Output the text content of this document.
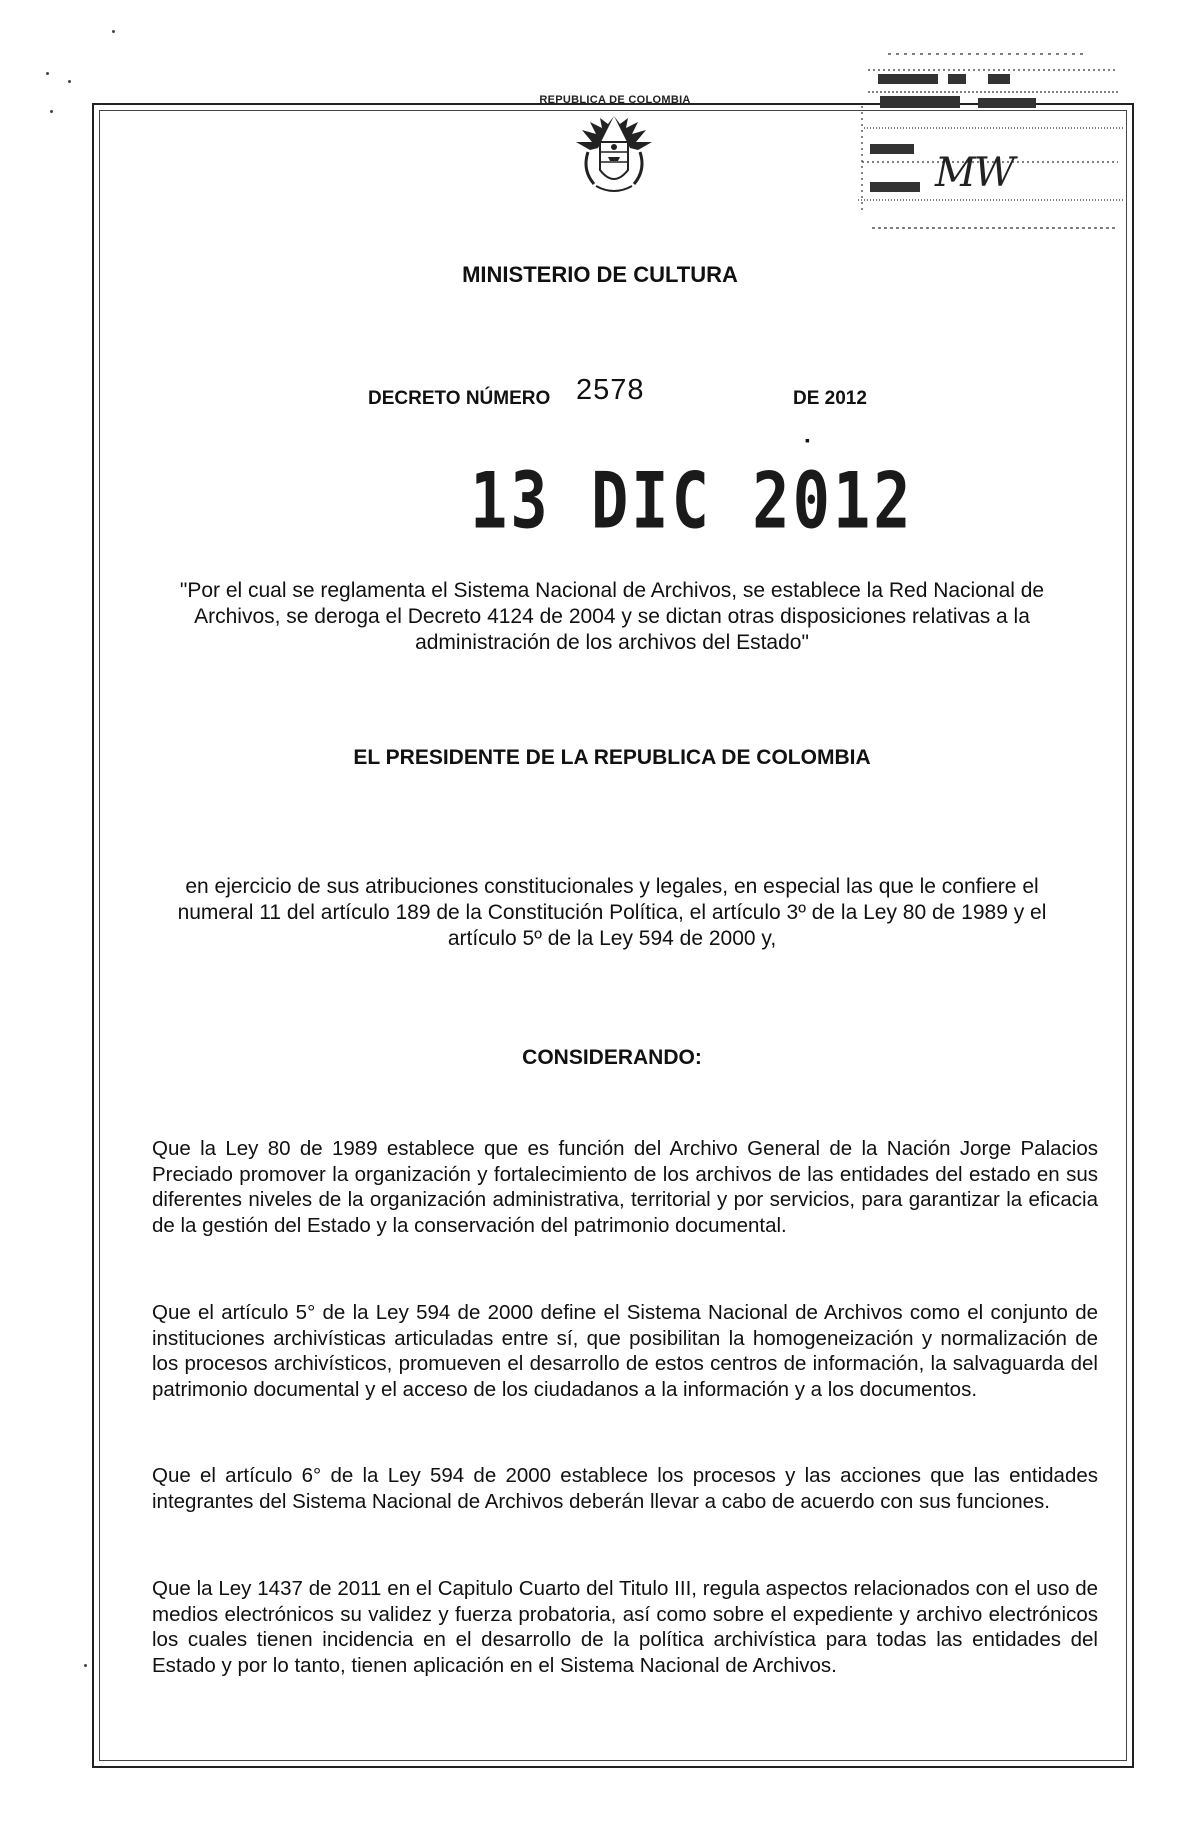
REPUBLICA DE COLOMBIA
MW
MINISTERIO DE CULTURA
DECRETO NÚMERO 2578	DE 2012
▪
13 DIC 2012
"Por el cual se reglamenta el Sistema Nacional de Archivos, se establece la Red Nacional de Archivos, se deroga el Decreto 4124 de 2004 y se dictan otras disposiciones relativas a la administración de los archivos del Estado"
EL PRESIDENTE DE LA REPUBLICA DE COLOMBIA
en ejercicio de sus atribuciones constitucionales y legales, en especial las que le confiere el numeral 11 del artículo 189 de la Constitución Política, el artículo 3º de la Ley 80 de 1989 y el artículo 5º de la Ley 594 de 2000 y,
CONSIDERANDO:
Que la Ley 80 de 1989 establece que es función del Archivo General de la Nación Jorge Palacios Preciado promover la organización y fortalecimiento de los archivos de las entidades del estado en sus diferentes niveles de la organización administrativa, territorial y por servicios, para garantizar la eficacia de la gestión del Estado y la conservación del patrimonio documental.
Que el artículo 5° de la Ley 594 de 2000 define el Sistema Nacional de Archivos como el conjunto de instituciones archivísticas articuladas entre sí, que posibilitan la homogeneización y normalización de los procesos archivísticos, promueven el desarrollo de estos centros de información, la salvaguarda del patrimonio documental y el acceso de los ciudadanos a la información y a los documentos.
Que el artículo 6° de la Ley 594 de 2000 establece los procesos y las acciones que las entidades integrantes del Sistema Nacional de Archivos deberán llevar a cabo de acuerdo con sus funciones.
Que la Ley 1437 de 2011 en el Capitulo Cuarto del Titulo III, regula aspectos relacionados con el uso de medios electrónicos su validez y fuerza probatoria, así como sobre el expediente y archivo electrónicos los cuales tienen incidencia en el desarrollo de la política archivística para todas las entidades del Estado y por lo tanto, tienen aplicación en el Sistema Nacional de Archivos.
